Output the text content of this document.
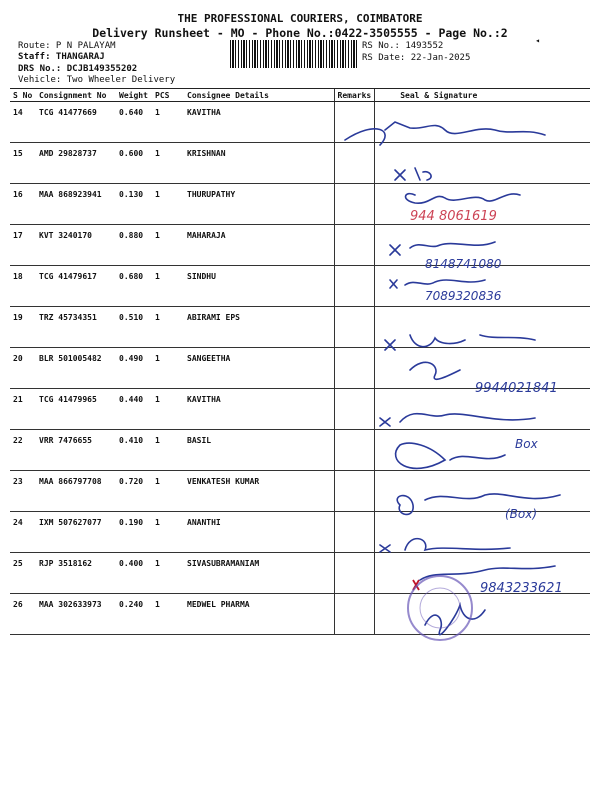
THE PROFESSIONAL COURIERS, COIMBATORE
Delivery Runsheet - MO - Phone No.:0422-3505555 - Page No.:2
◂
Route: P N PALAYAM
Staff: THANGARAJ
DRS No.: DCJB149355202
Vehicle: Two Wheeler Delivery
RS No.: 1493552
RS Date: 22-Jan-2025
S No	Consignment No	Weight	PCS	Consignee Details	Remarks	Seal & Signature
14	TCG 41477669	0.640	1	KAVITHA		
15	AMD 29828737	0.600	1	KRISHNAN		
16	MAA 868923941	0.130	1	THURUPATHY		
17	KVT 3240170	0.880	1	MAHARAJA		
18	TCG 41479617	0.680	1	SINDHU		
19	TRZ 45734351	0.510	1	ABIRAMI EPS		
20	BLR 501005482	0.490	1	SANGEETHA		
21	TCG 41479965	0.440	1	KAVITHA		
22	VRR 7476655	0.410	1	BASIL		
23	MAA 866797708	0.720	1	VENKATESH KUMAR		
24	IXM 507627077	0.190	1	ANANTHI		
25	RJP 3518162	0.400	1	SIVASUBRAMANIAM		
26	MAA 302633973	0.240	1	MEDWEL PHARMA		
944 8061619
8148741080
7089320836
9944021841
Box
(Box)
9843233621
